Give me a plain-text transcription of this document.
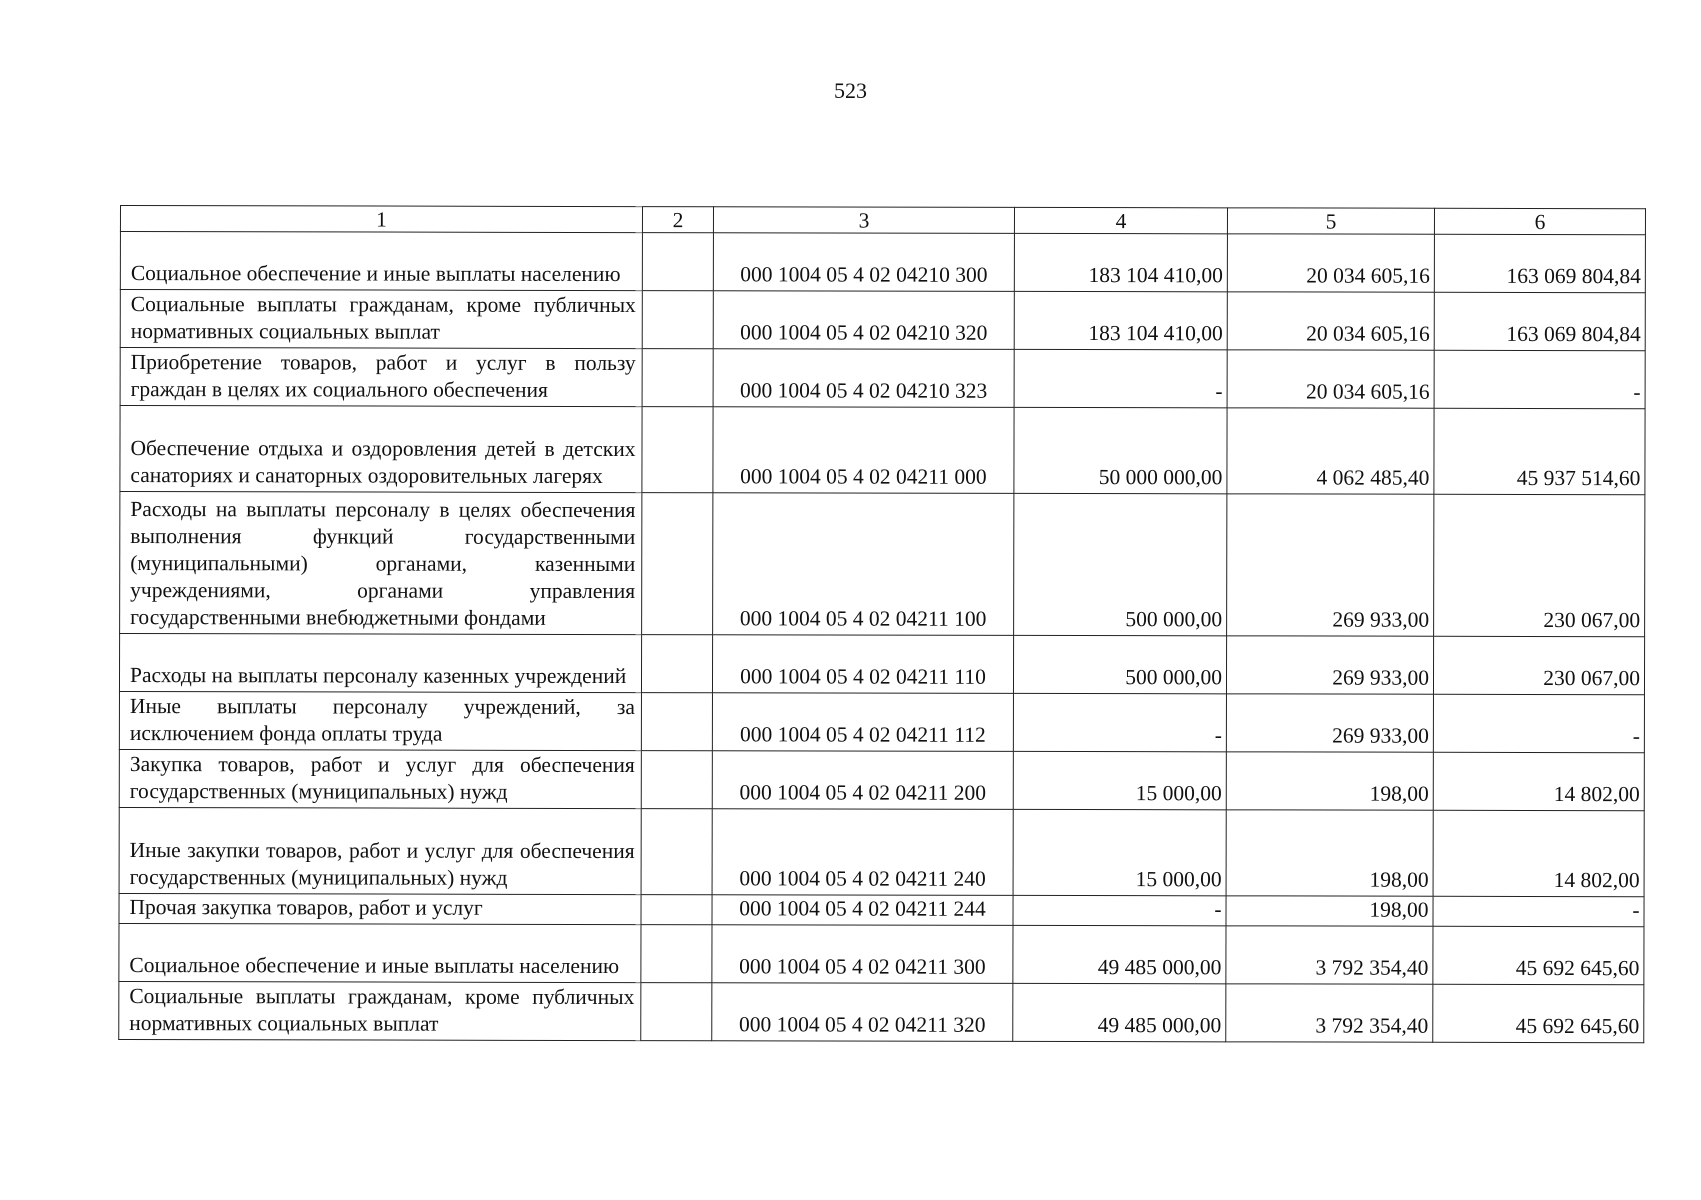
523
1	2	3	4	5	6
Социальное обеспечение и иные выплаты населению		000 1004 05 4 02 04210 300	183 104 410,00	20 034 605,16	163 069 804,84
Социальные выплаты гражданам, кроме публичных нормативных социальных выплат		000 1004 05 4 02 04210 320	183 104 410,00	20 034 605,16	163 069 804,84
Приобретение товаров, работ и услуг в пользу граждан в целях их социального обеспечения		000 1004 05 4 02 04210 323	-	20 034 605,16	-
Обеспечение отдыха и оздоровления детей в детских санаториях и санаторных оздоровительных лагерях		000 1004 05 4 02 04211 000	50 000 000,00	4 062 485,40	45 937 514,60
Расходы на выплаты персоналу в целях обеспечения выполнения функций государственными (муниципальными) органами, казенными учреждениями, органами управления государственными внебюджетными фондами		000 1004 05 4 02 04211 100	500 000,00	269 933,00	230 067,00
Расходы на выплаты персоналу казенных учреждений		000 1004 05 4 02 04211 110	500 000,00	269 933,00	230 067,00
Иные выплаты персоналу учреждений, за исключением фонда оплаты труда		000 1004 05 4 02 04211 112	-	269 933,00	-
Закупка товаров, работ и услуг для обеспечения государственных (муниципальных) нужд		000 1004 05 4 02 04211 200	15 000,00	198,00	14 802,00
Иные закупки товаров, работ и услуг для обеспечения государственных (муниципальных) нужд		000 1004 05 4 02 04211 240	15 000,00	198,00	14 802,00
Прочая закупка товаров, работ и услуг		000 1004 05 4 02 04211 244	-	198,00	-
Социальное обеспечение и иные выплаты населению		000 1004 05 4 02 04211 300	49 485 000,00	3 792 354,40	45 692 645,60
Социальные выплаты гражданам, кроме публичных нормативных социальных выплат		000 1004 05 4 02 04211 320	49 485 000,00	3 792 354,40	45 692 645,60
